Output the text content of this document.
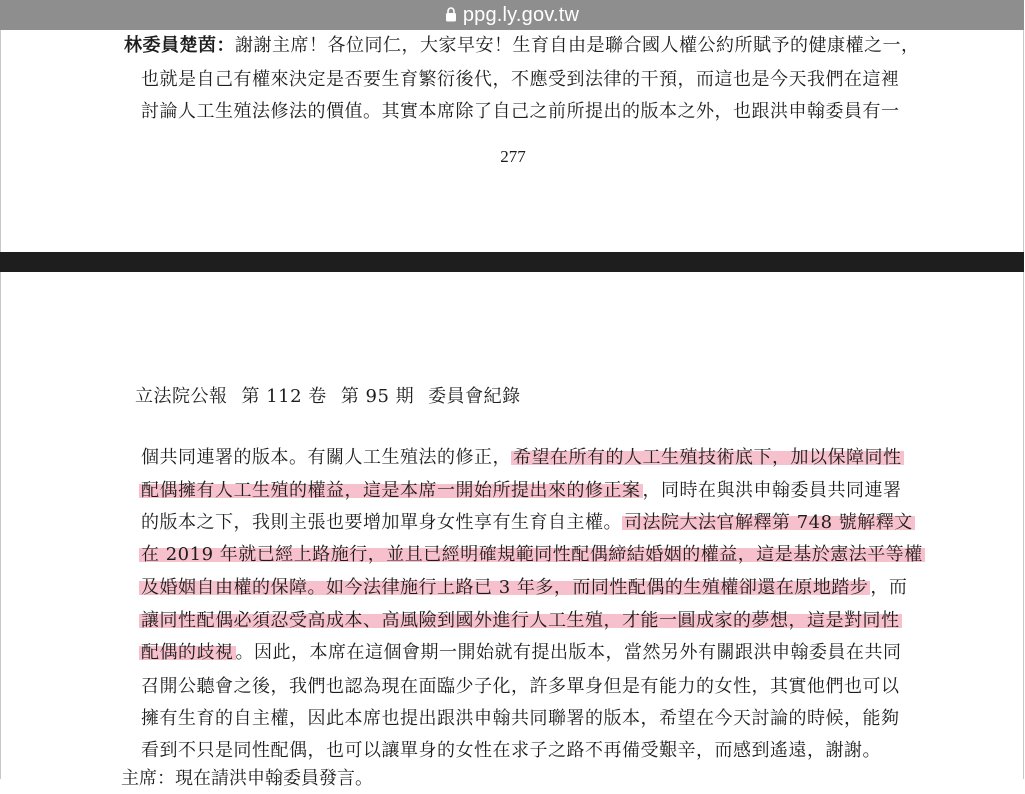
ppg.ly.gov.tw
林委員楚茵：謝謝主席！各位同仁，大家早安！生育自由是聯合國人權公約所賦予的健康權之一，
也就是自己有權來決定是否要生育繁衍後代，不應受到法律的干預，而這也是今天我們在這裡
討論人工生殖法修法的價值。其實本席除了自己之前所提出的版本之外，也跟洪申翰委員有一
277
立法院公報 第 112 卷 第 95 期 委員會紀錄
個共同連署的版本。有關人工生殖法的修正， 希望在所有的人工生殖技術底下，加以保障同性
配偶擁有人工生殖的權益，這是本席一開始所提出來的修正案 ，同時在與洪申翰委員共同連署
的版本之下，我則主張也要增加單身女性享有生育自主權。 司法院大法官解釋第 748 號解釋文
在 2019 年就已經上路施行，並且已經明確規範同性配偶締結婚姻的權益，這是基於憲法平等權
及婚姻自由權的保障。如今法律施行上路已 3 年多，而同性配偶的生殖權卻還在原地踏步 ，而
讓同性配偶必須忍受高成本、高風險到國外進行人工生殖，才能一圓成家的夢想，這是對同性
配偶的歧視 。因此，本席在這個會期一開始就有提出版本，當然另外有關跟洪申翰委員在共同
召開公聽會之後，我們也認為現在面臨少子化，許多單身但是有能力的女性，其實他們也可以
擁有生育的自主權，因此本席也提出跟洪申翰共同聯署的版本，希望在今天討論的時候，能夠
看到不只是同性配偶，也可以讓單身的女性在求子之路不再備受艱辛，而感到遙遠，謝謝。
主席：現在請洪申翰委員發言。
